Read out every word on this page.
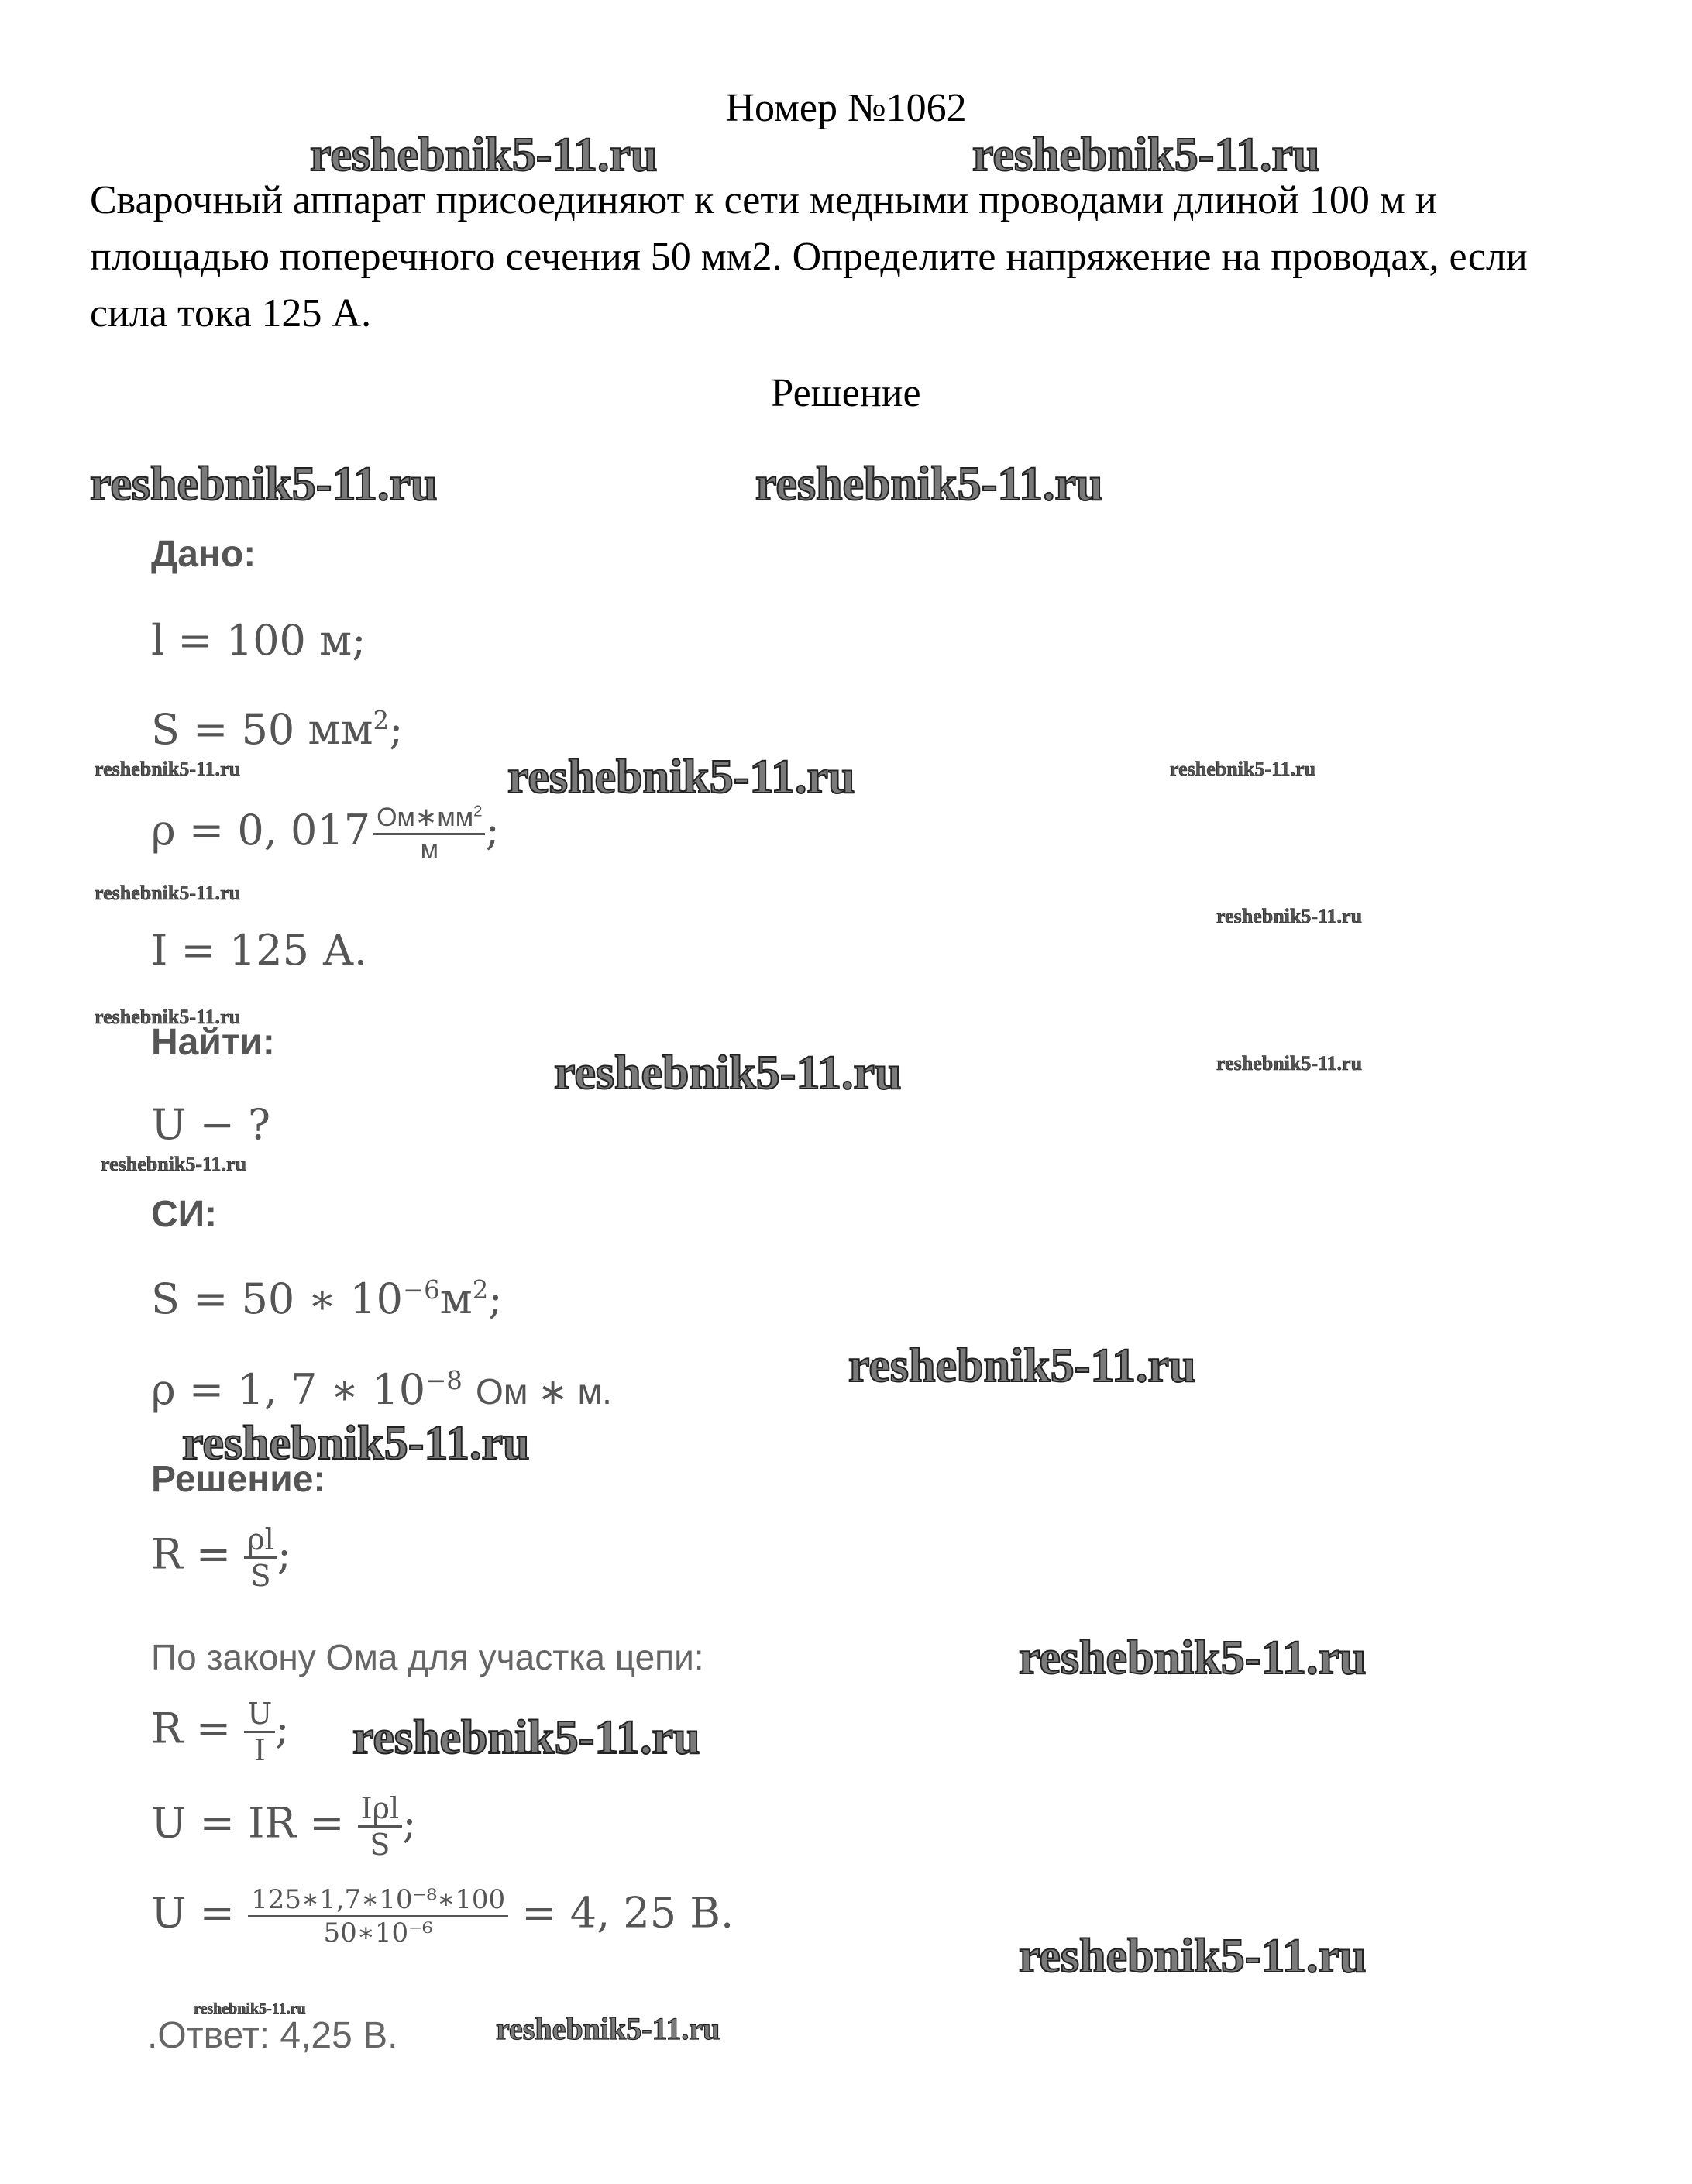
Номер №1062
Сварочный аппарат присоединяют к сети медными проводами длиной 100 м и площадью поперечного сечения 50 мм2. Определите напряжение на проводах, если сила тока 125 А.
Решение
reshebnik5-11.ru	reshebnik5-11.ru
reshebnik5-11.ru	reshebnik5-11.ru
reshebnik5-11.ru
reshebnik5-11.ru
reshebnik5-11.ru
reshebnik5-11.ru
reshebnik5-11.ru
reshebnik5-11.ru
reshebnik5-11.ru
reshebnik5-11.ru
reshebnik5-11.ru	reshebnik5-11.ru
reshebnik5-11.ru
reshebnik5-11.ru
reshebnik5-11.ru
reshebnik5-11.ru
reshebnik5-11.ru
reshebnik5-11.ru
Дано:
l = 100 м;
S = 50 $мм^2$;
ρ = 0, $017 \frac{Ом∗мм^2}{м}$ ;
I = 125 А.
Найти:
U − ?
СИ:
S = 50 ∗ $10^{-6}м^2$;
ρ = 1, 7 ∗ $10^{-8}$ Ом ∗ м.
Решение:
$R = \frac{\rho l}{S}$ ;
По закону Ома для участка цепи:
$R = \frac{U}{I}$ ;
U = IR = $\frac{\text{Iρl}}{S}$ ;
$U = \frac{\text{125∗1,7∗10⁻⁸∗100}}{\text{50∗10⁻⁶}} = 4$, 25 В.
.Ответ: 4,25 В.
